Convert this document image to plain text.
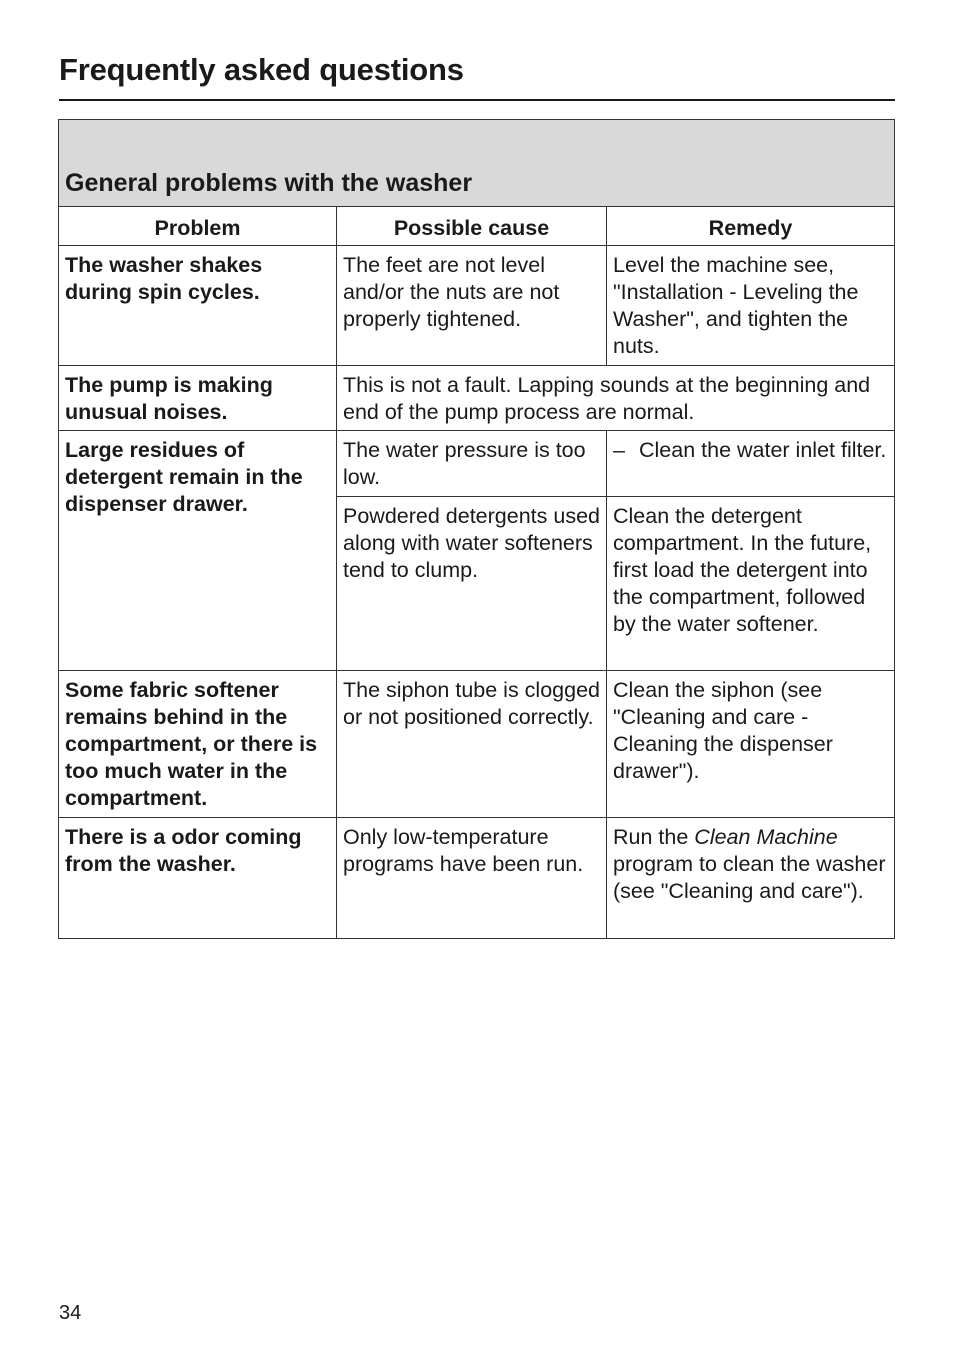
Frequently asked questions
General problems with the washer		

Problem	Possible cause	Remedy
The washer shakes during spin cycles.	The feet are not level and/or the nuts are not properly tightened.	Level the machine see, "Installation - Leveling the Washer", and tighten the nuts.
The pump is making unusual noises.	This is not a fault. Lapping sounds at the beginning and end of the pump process are normal.	
Large residues of detergent remain in the dispenser drawer.	The water pressure is too low.	– Clean the water inlet filter.

	Powdered detergents used along with water softeners tend to clump.	Clean the detergent compartment. In the future, first load the detergent into the compartment, followed by the water softener.
Some fabric softener remains behind in the compartment, or there is too much water in the compartment.	The siphon tube is clogged or not positioned correctly.	Clean the siphon (see "Cleaning and care - Cleaning the dispenser drawer").
There is a odor coming from the washer.	Only low-temperature programs have been run.	Run the Clean Machine program to clean the washer (see "Cleaning and care").
34
